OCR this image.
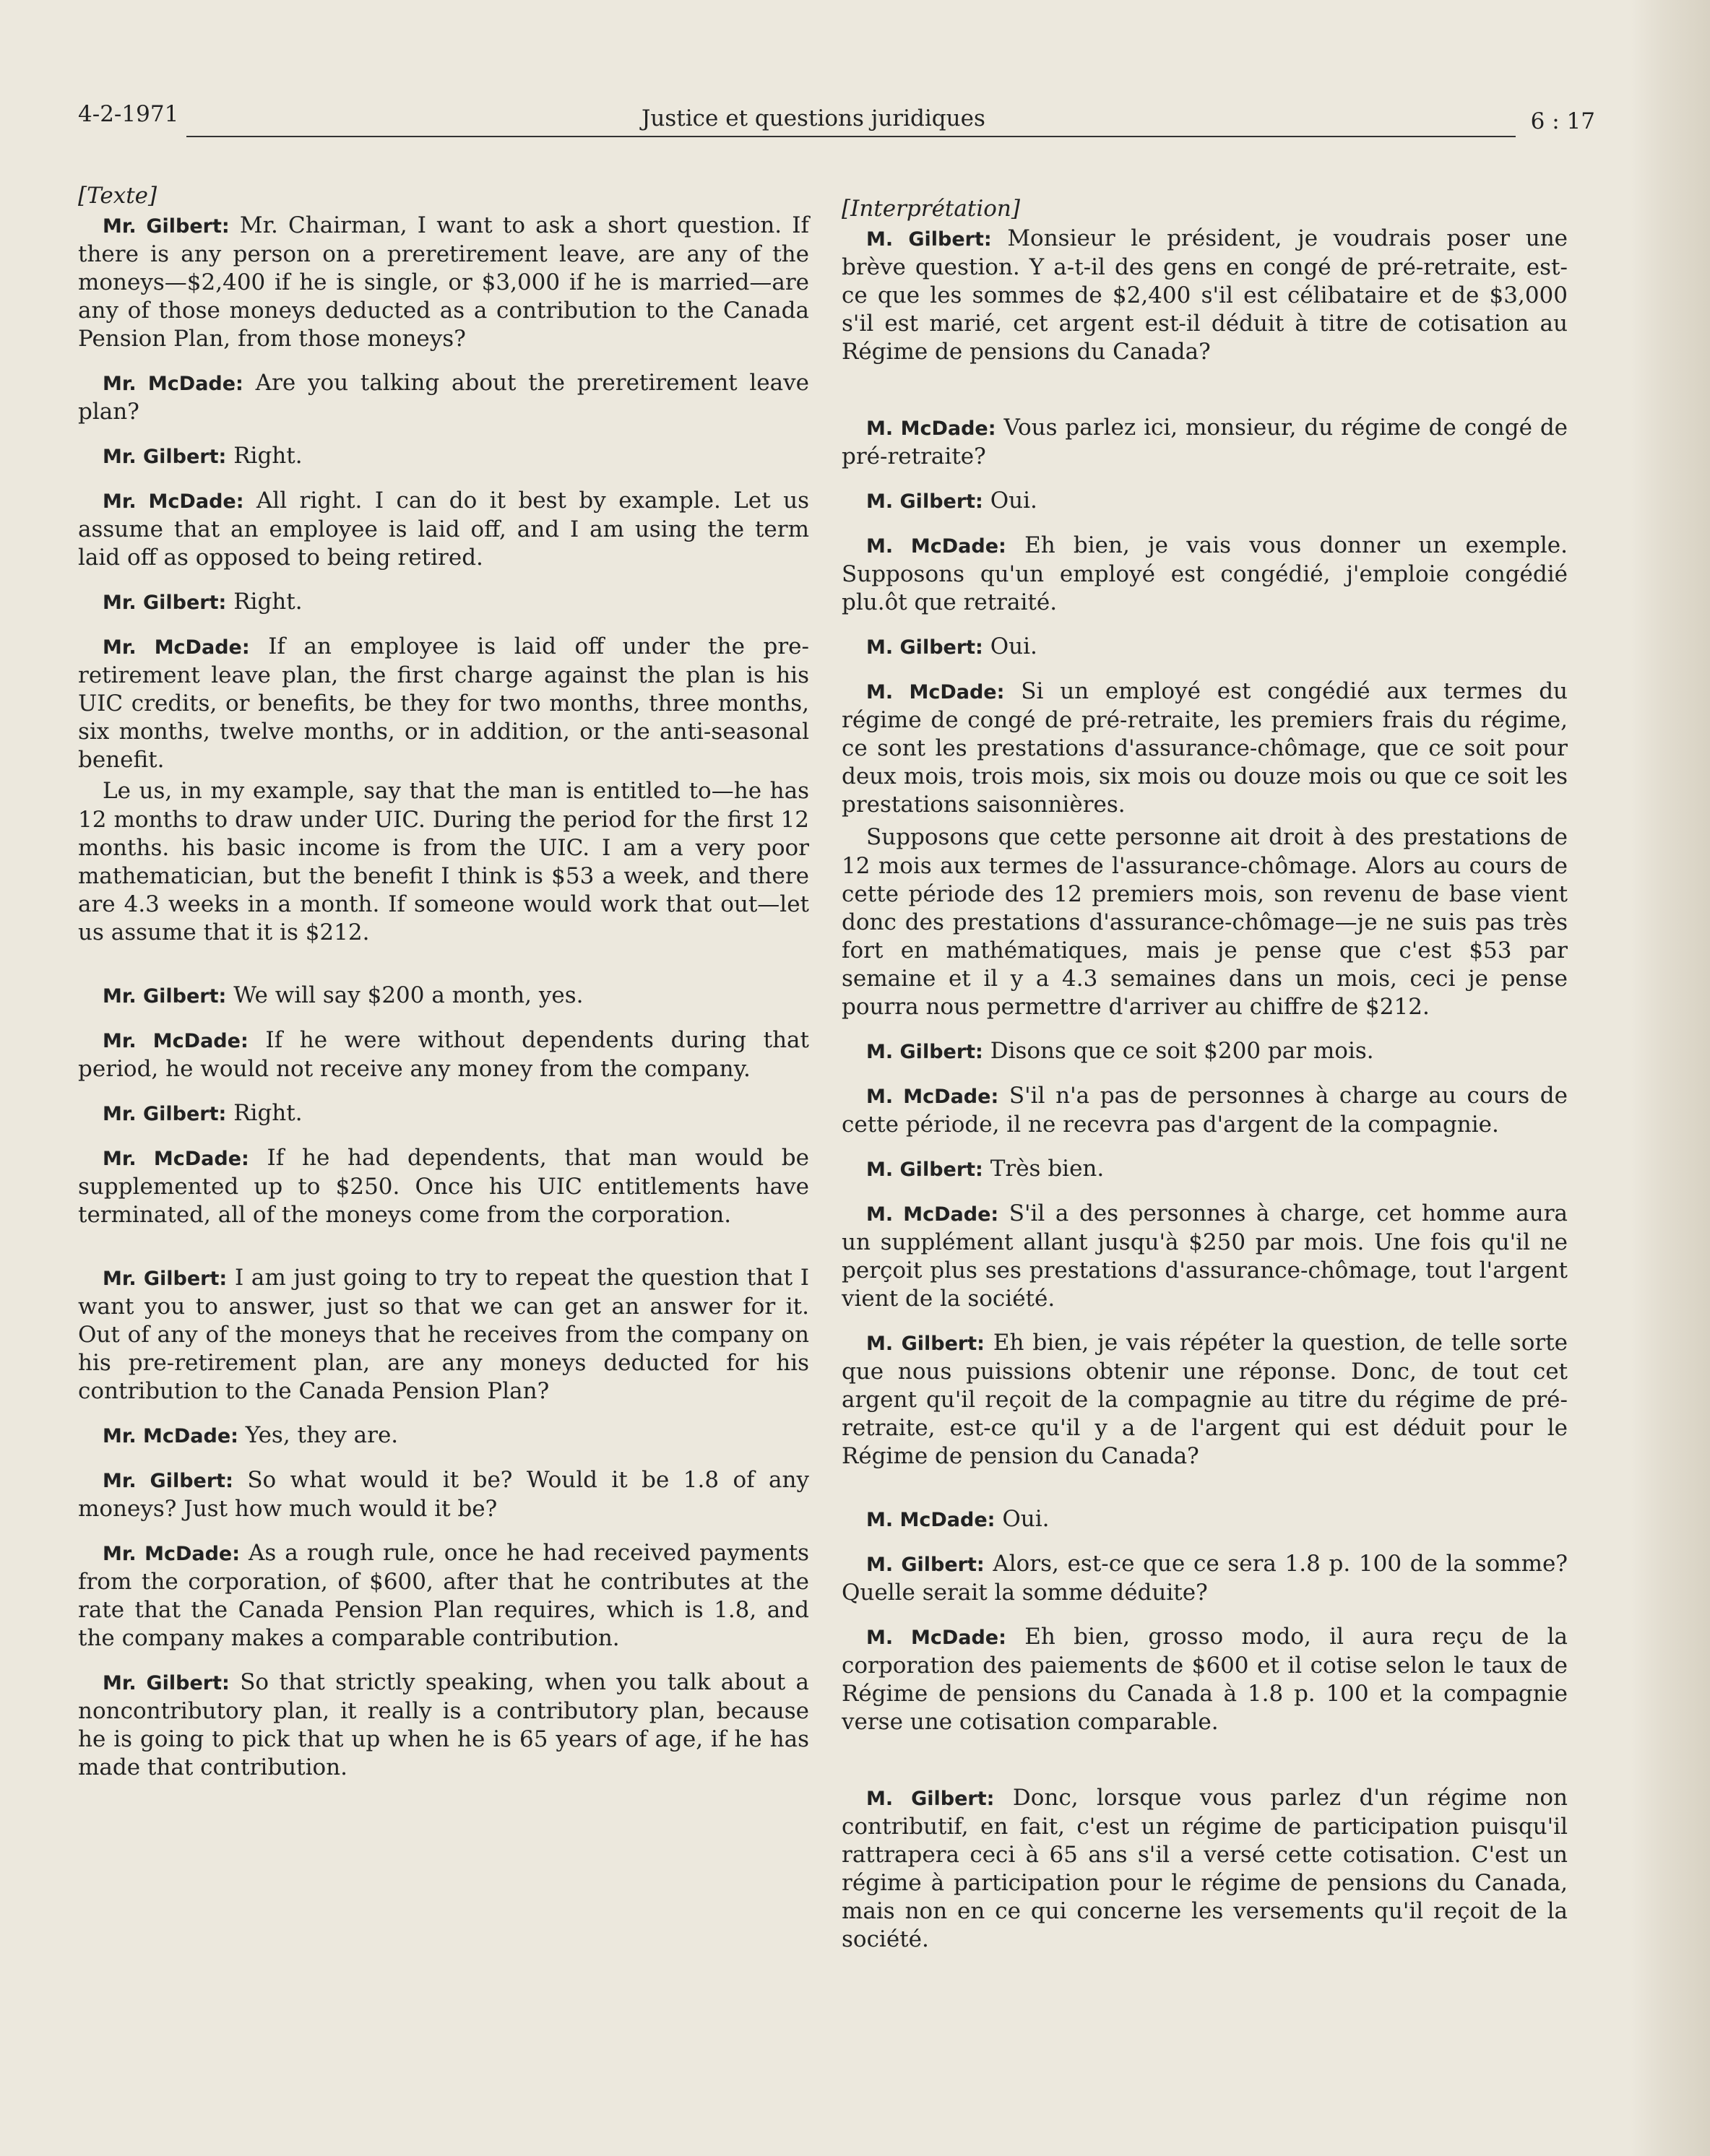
4-2-1971	Justice et questions juridiques	6 : 17

[Texte]

Mr. Gilbert: Mr. Chairman, I want to ask a short question. If there is any person on a preretirement leave, are any of the moneys—$2,400 if he is single, or $3,000 if he is married—are any of those moneys deducted as a contribution to the Canada Pension Plan, from those moneys?

Mr. McDade: Are you talking about the preretirement leave plan?

Mr. Gilbert: Right.

Mr. McDade: All right. I can do it best by example. Let us assume that an employee is laid off, and I am using the term laid off as opposed to being retired.

Mr. Gilbert: Right.

Mr. McDade: If an employee is laid off under the pre-retirement leave plan, the first charge against the plan is his UIC credits, or benefits, be they for two months, three months, six months, twelve months, or in addition, or the anti-seasonal benefit.

Le us, in my example, say that the man is entitled to—he has 12 months to draw under UIC. During the period for the first 12 months. his basic income is from the UIC. I am a very poor mathematician, but the benefit I think is $53 a week, and there are 4.3 weeks in a month. If someone would work that out—let us assume that it is $212.

Mr. Gilbert: We will say $200 a month, yes.

Mr. McDade: If he were without dependents during that period, he would not receive any money from the company.

Mr. Gilbert: Right.

Mr. McDade: If he had dependents, that man would be supplemented up to $250. Once his UIC entitlements have terminated, all of the moneys come from the corporation.

Mr. Gilbert: I am just going to try to repeat the question that I want you to answer, just so that we can get an answer for it. Out of any of the moneys that he receives from the company on his pre-retirement plan, are any moneys deducted for his contribution to the Canada Pension Plan?

Mr. McDade: Yes, they are.

Mr. Gilbert: So what would it be? Would it be 1.8 of any moneys? Just how much would it be?

Mr. McDade: As a rough rule, once he had received payments from the corporation, of $600, after that he contributes at the rate that the Canada Pension Plan requires, which is 1.8, and the company makes a comparable contribution.

Mr. Gilbert: So that strictly speaking, when you talk about a noncontributory plan, it really is a contributory plan, because he is going to pick that up when he is 65 years of age, if he has made that contribution.

[Interprétation]

M. Gilbert: Monsieur le président, je voudrais poser une brève question. Y a-t-il des gens en congé de pré-retraite, est-ce que les sommes de $2,400 s'il est célibataire et de $3,000 s'il est marié, cet argent est-il déduit à titre de cotisation au Régime de pensions du Canada?

M. McDade: Vous parlez ici, monsieur, du régime de congé de pré-retraite?

M. Gilbert: Oui.

M. McDade: Eh bien, je vais vous donner un exemple. Supposons qu'un employé est congédié, j'emploie congédié plu.ôt que retraité.

M. Gilbert: Oui.

M. McDade: Si un employé est congédié aux termes du régime de congé de pré-retraite, les premiers frais du régime, ce sont les prestations d'assurance-chômage, que ce soit pour deux mois, trois mois, six mois ou douze mois ou que ce soit les prestations saisonnières.

Supposons que cette personne ait droit à des prestations de 12 mois aux termes de l'assurance-chômage. Alors au cours de cette période des 12 premiers mois, son revenu de base vient donc des prestations d'assurance-chômage—je ne suis pas très fort en mathématiques, mais je pense que c'est $53 par semaine et il y a 4.3 semaines dans un mois, ceci je pense pourra nous permettre d'arriver au chiffre de $212.

M. Gilbert: Disons que ce soit $200 par mois.

M. McDade: S'il n'a pas de personnes à charge au cours de cette période, il ne recevra pas d'argent de la compagnie.

M. Gilbert: Très bien.

M. McDade: S'il a des personnes à charge, cet homme aura un supplément allant jusqu'à $250 par mois. Une fois qu'il ne perçoit plus ses prestations d'assurance-chômage, tout l'argent vient de la société.

M. Gilbert: Eh bien, je vais répéter la question, de telle sorte que nous puissions obtenir une réponse. Donc, de tout cet argent qu'il reçoit de la compagnie au titre du régime de pré-retraite, est-ce qu'il y a de l'argent qui est déduit pour le Régime de pension du Canada?

M. McDade: Oui.

M. Gilbert: Alors, est-ce que ce sera 1.8 p. 100 de la somme? Quelle serait la somme déduite?

M. McDade: Eh bien, grosso modo, il aura reçu de la corporation des paiements de $600 et il cotise selon le taux de Régime de pensions du Canada à 1.8 p. 100 et la compagnie verse une cotisation comparable.

M. Gilbert: Donc, lorsque vous parlez d'un régime non contributif, en fait, c'est un régime de participation puisqu'il rattrapera ceci à 65 ans s'il a versé cette cotisation. C'est un régime à participation pour le régime de pensions du Canada, mais non en ce qui concerne les versements qu'il reçoit de la société.
